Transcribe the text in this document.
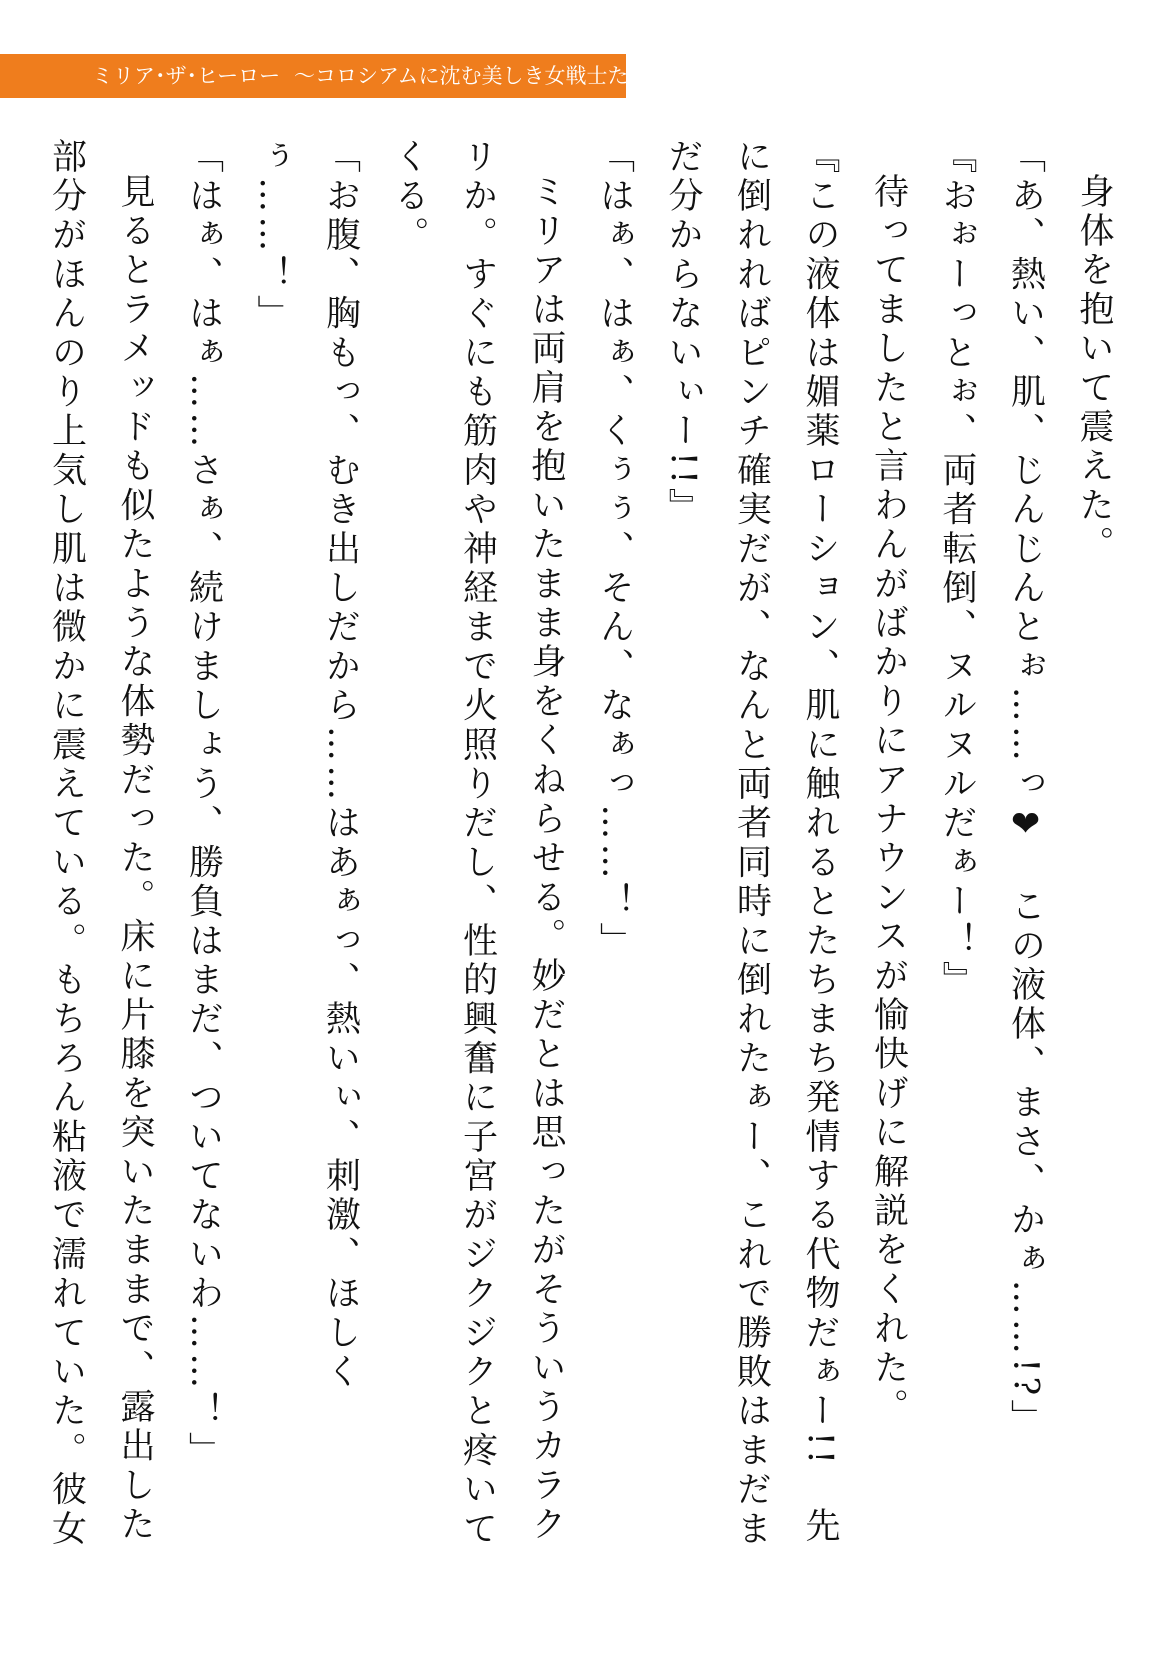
ミリア･ザ･ヒーロー 〜コロシアムに沈む美しき女戦士たち〜

身体を抱いて震えた。

「あ、熱い、肌、じんじんとぉ……っ❤　この液体、まさ、かぁ……!?」

『おぉーっとぉ、両者転倒、ヌルヌルだぁー！』

待ってましたと言わんがばかりにアナウンスが愉快げに解説をくれた。

『この液体は媚薬ローション、肌に触れるとたちまち発情する代物だぁー!!　先に倒れればピンチ確実だが、なんと両者同時に倒れたぁー、これで勝敗はまだまだ分からないぃー!!』

「はぁ、はぁ、くぅぅ、そん、なぁっ……！」

ミリアは両肩を抱いたまま身をくねらせる。妙だとは思ったがそういうカラクリか。すぐにも筋肉や神経まで火照りだし、性的興奮に子宮がジクジクと疼いてくる。

「お腹、胸もっ、むき出しだから……はあぁっ、熱いぃ、刺激、ほしくぅ……！」

「はぁ、はぁ……さぁ、続けましょう、勝負はまだ、ついてないわ……！」

見るとラメッドも似たような体勢だった。床に片膝を突いたままで、露出した部分がほんのり上気し肌は微かに震えている。もちろん粘液で濡れていた。彼女
